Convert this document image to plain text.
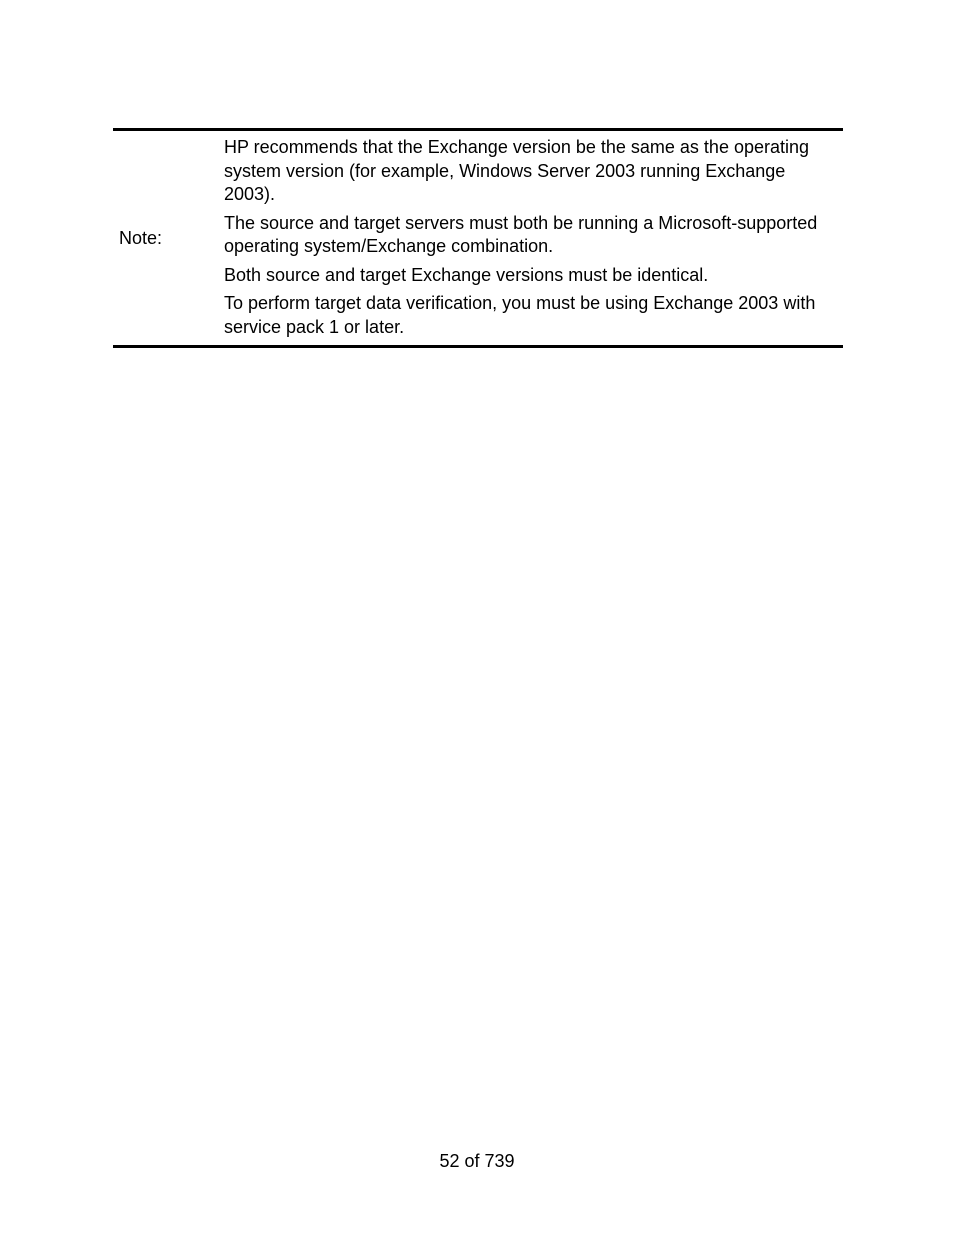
Note:

HP recommends that the Exchange version be the same as the operating system version (for example, Windows Server 2003 running Exchange 2003).

The source and target servers must both be running a Microsoft-supported operating system/Exchange combination.

Both source and target Exchange versions must be identical.

To perform target data verification, you must be using Exchange 2003 with service pack 1 or later.

52 of 739
